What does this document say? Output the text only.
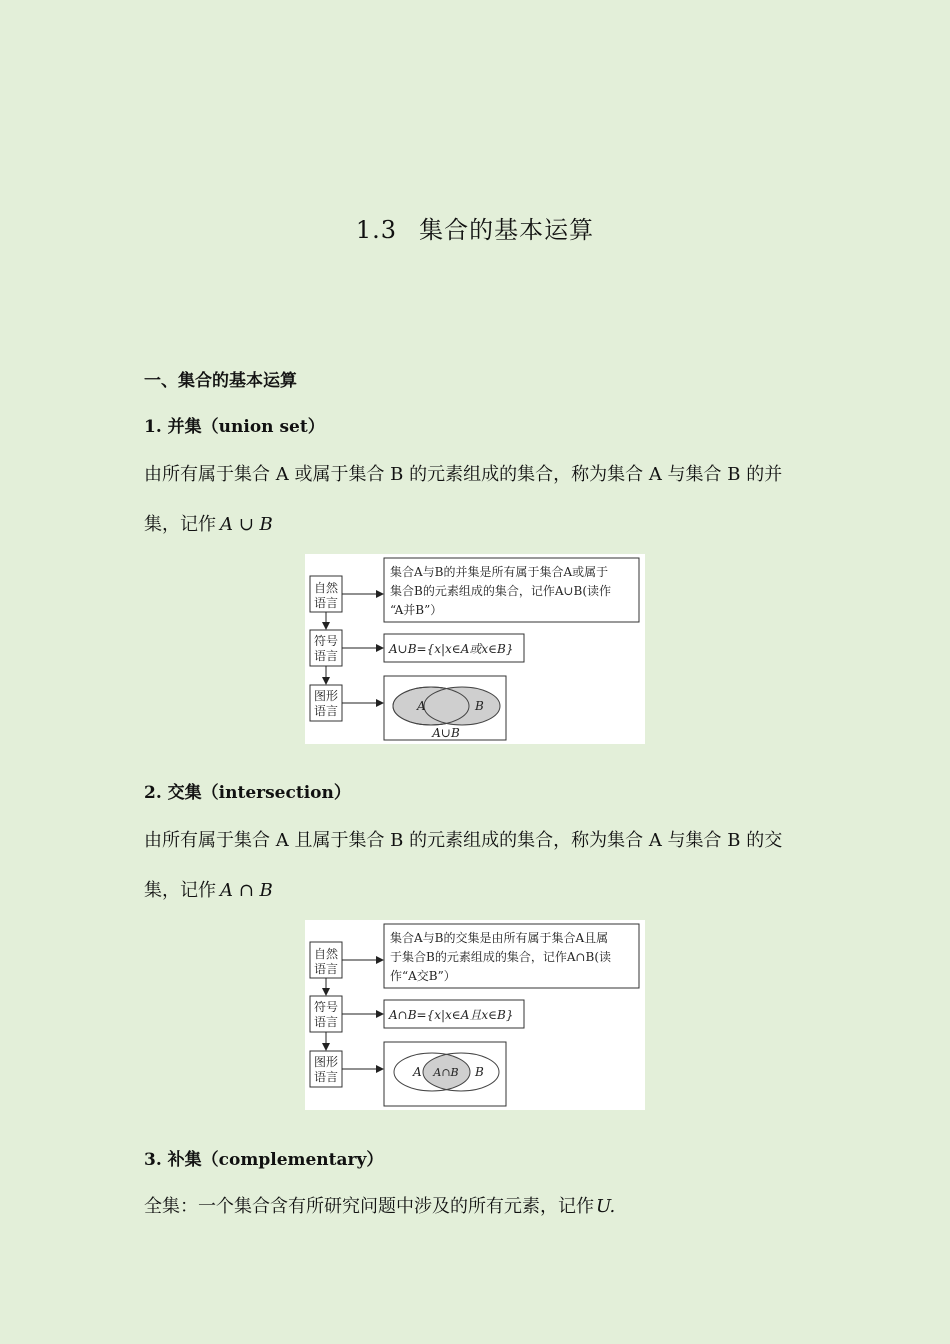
1.3 集合的基本运算
一、集合的基本运算
1. 并集（union set）
由所有属于集合 A 或属于集合 B 的元素组成的集合，称为集合 A 与集合 B 的并
集，记作 A ∪ B
自然
语言
符号
语言
图形
语言
集合A与B的并集是所有属于集合A或属于
集合B的元素组成的集合，记作A∪B(读作
“A并B”）
A∪B={x|x∈A或x∈B}
A	B
A∪B
2. 交集（intersection）
由所有属于集合 A 且属于集合 B 的元素组成的集合，称为集合 A 与集合 B 的交
集，记作 A ∩ B
自然
语言
符号
语言
图形
语言
集合A与B的交集是由所有属于集合A且属
于集合B的元素组成的集合，记作A∩B(读
作“A交B”）
A∩B={x|x∈A且x∈B}
A A∩B B
3. 补集（complementary）
全集：一个集合含有所研究问题中涉及的所有元素，记作 U.
